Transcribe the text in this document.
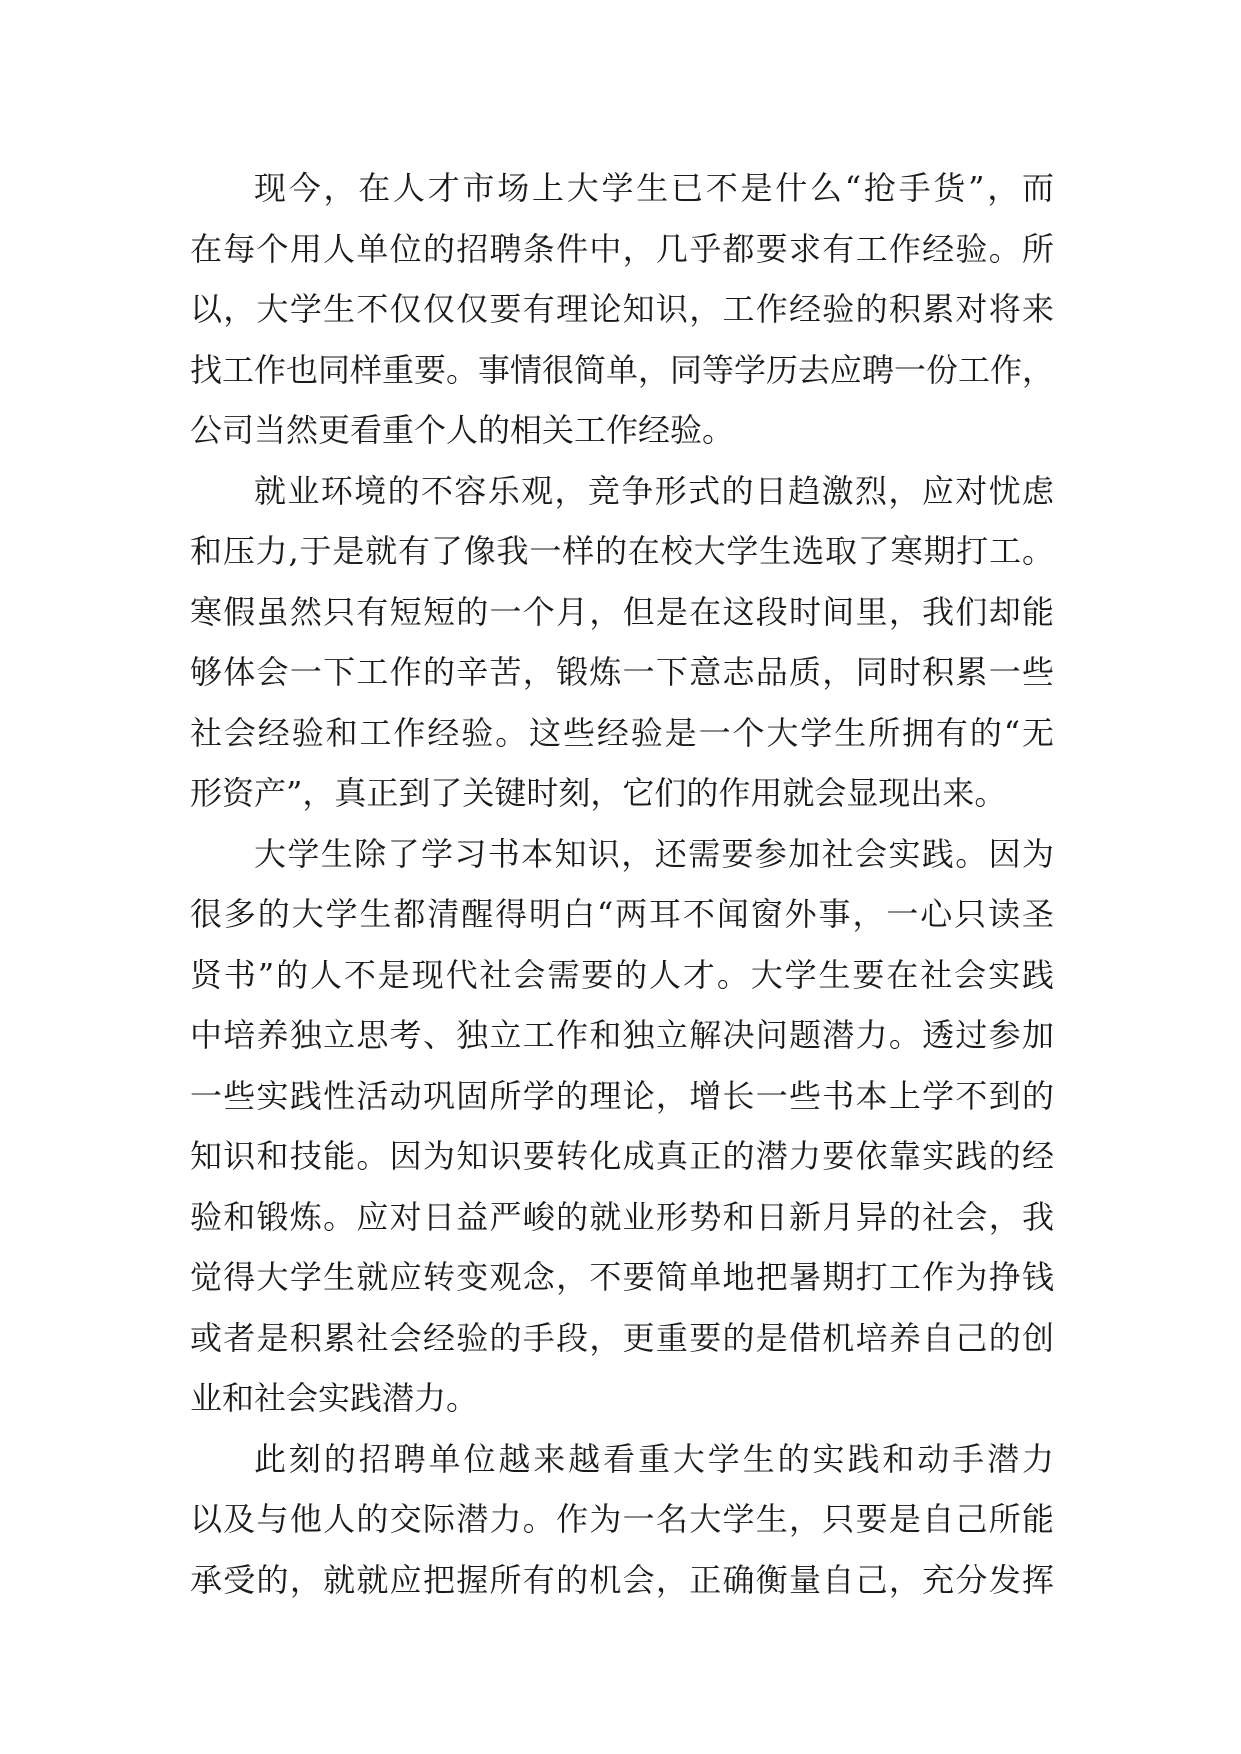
现今，在人才市场上大学生已不是什么“抢手货”，而
在每个用人单位的招聘条件中，几乎都要求有工作经验。所
以，大学生不仅仅仅要有理论知识，工作经验的积累对将来
找工作也同样重要。事情很简单，同等学历去应聘一份工作，
公司当然更看重个人的相关工作经验。
就业环境的不容乐观，竞争形式的日趋激烈，应对忧虑
和压力,于是就有了像我一样的在校大学生选取了寒期打工。
寒假虽然只有短短的一个月，但是在这段时间里，我们却能
够体会一下工作的辛苦，锻炼一下意志品质，同时积累一些
社会经验和工作经验。这些经验是一个大学生所拥有的“无
形资产”，真正到了关键时刻，它们的作用就会显现出来。
大学生除了学习书本知识，还需要参加社会实践。因为
很多的大学生都清醒得明白“两耳不闻窗外事，一心只读圣
贤书”的人不是现代社会需要的人才。大学生要在社会实践
中培养独立思考、独立工作和独立解决问题潜力。透过参加
一些实践性活动巩固所学的理论，增长一些书本上学不到的
知识和技能。因为知识要转化成真正的潜力要依靠实践的经
验和锻炼。应对日益严峻的就业形势和日新月异的社会，我
觉得大学生就应转变观念，不要简单地把暑期打工作为挣钱
或者是积累社会经验的手段，更重要的是借机培养自己的创
业和社会实践潜力。
此刻的招聘单位越来越看重大学生的实践和动手潜力
以及与他人的交际潜力。作为一名大学生，只要是自己所能
承受的，就就应把握所有的机会，正确衡量自己，充分发挥
